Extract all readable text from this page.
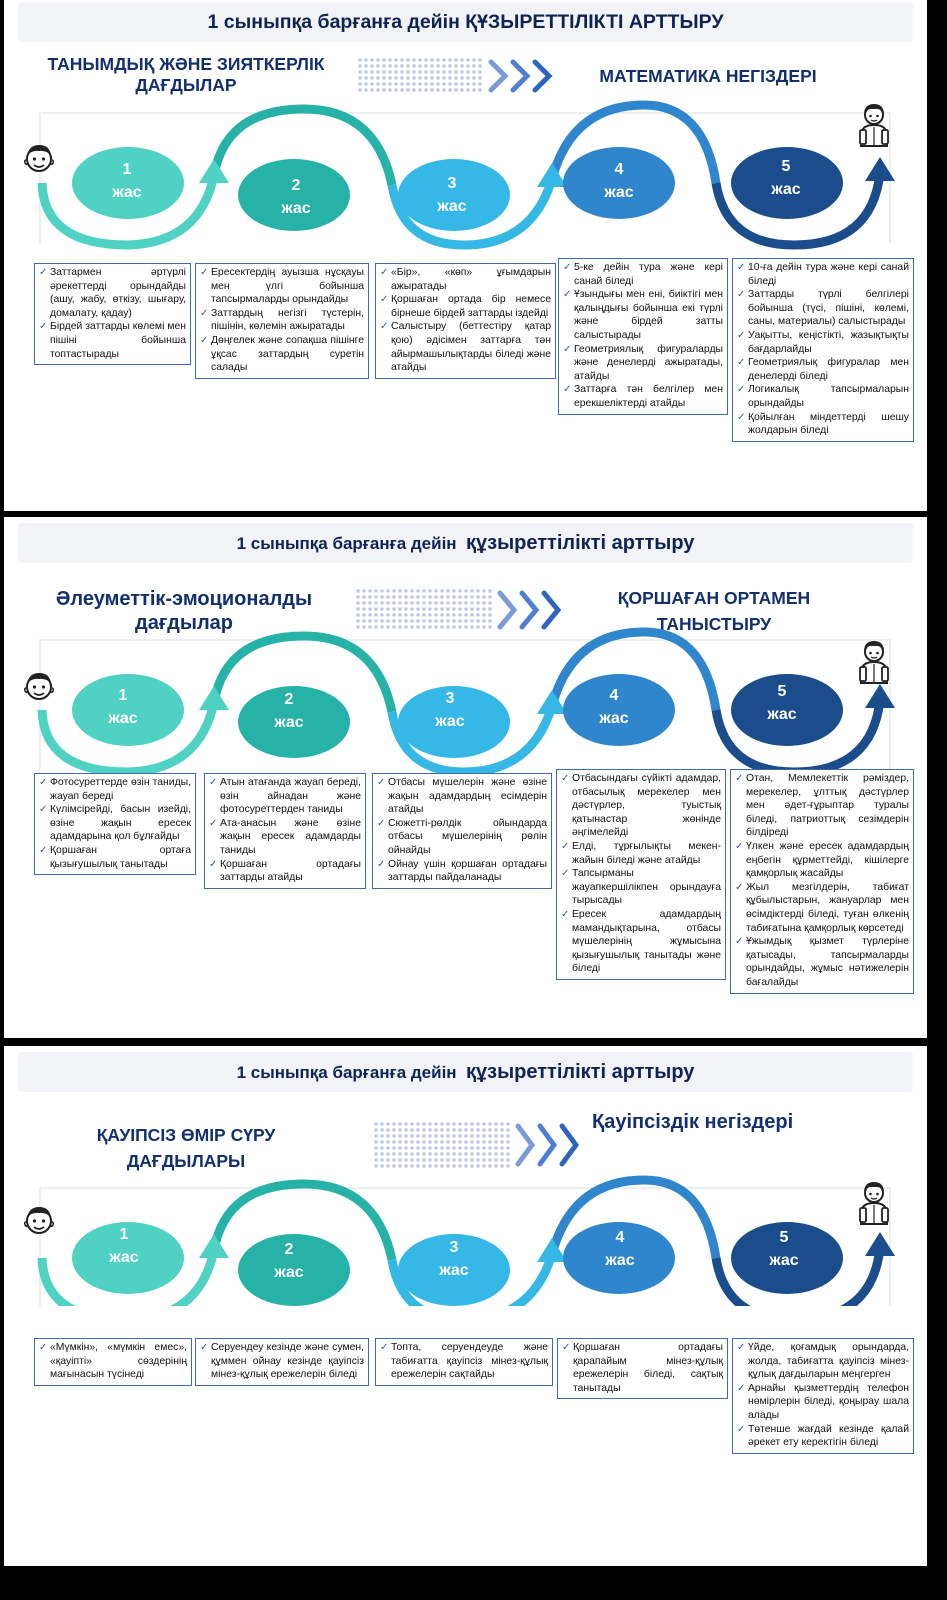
1 сыныпқа барғанға дейін ҚҰЗЫРЕТТІЛІКТІ АРТТЫРУ
ТАНЫМДЫҚ ЖӘНЕ ЗИЯТКЕРЛІК ДАҒДЫЛАР	МАТЕМАТИКА НЕГІЗДЕРІ
1
жас	2
жас
3
жас
4
жас
5
жас
✓ Заттармен әртүрлі әрекеттерді орындайды (ашу, жабу, өткізу, шығару, домалату, қадау)
✓ Бірдей заттарды көлемі мен пішіні бойынша топтастырады
✓ Ересектердің ауызша нұсқауы мен үлгі бойынша тапсырмаларды орындайды
✓ Заттардың негізгі түстерін, пішінін, көлемін ажыратады
✓ Дөңгелек және сопақша пішінге ұқсас заттардың суретін салады
✓ «Бір», «көп» ұғымдарын ажыратады
✓ Қоршаған ортада бір немесе бірнеше бірдей заттарды іздейді
✓ Салыстыру (беттестіру қатар қою) әдісімен заттарға тән айырмашылықтарды біледі және атайды
✓ 5-ке дейін тура және кері санай біледі
✓ Ұзындығы мен ені, биіктігі мен қалыңдығы бойынша екі түрлі және бірдей затты салыстырады
✓ Геометриялық фигураларды және денелерді ажыратады, атайды
✓ Заттарға тән белгілер мен ерекшеліктерді атайды
✓ 10-ға дейін тура және кері санай біледі
✓ Заттарды түрлі белгілері бойынша (түсі, пішіні, көлемі, саны, материалы) салыстырады
✓ Уақытты, кеңістікті, жазықтықты бағдарлайды
✓ Геометриялық фигуралар мен денелерді біледі
✓ Логикалық тапсырмаларын орындайды
✓ Қойылған міндеттерді шешу жолдарын біледі
1 сыныпқа барғанға дейін құзыреттілікті арттыру
Әлеуметтік-эмоционалды дағдылар
ҚОРШАҒАН ОРТАМЕН ТАНЫСТЫРУ
1
жас
2
жас
3
жас
4
жас
5
жас
✓ Фотосуреттерде өзін таниды, жауап береді
✓ Күлімсірейді, басын изейді, өзіне жақын ересек адамдарына қол бұлғайды
✓ Қоршаған ортаға қызығушылық танытады
✓ Атын атағанда жауап береді, өзін айнадан және фотосуреттерден таниды
✓ Ата-анасын және өзіне жақын ересек адамдарды таниды
✓ Қоршаған ортадағы заттарды атайды
✓ Отбасы мүшелерін және өзіне жақын адамдардың есімдерін атайды
✓ Сюжетті-рөлдік ойындарда отбасы мүшелерінің рөлін ойнайды
✓ Ойнау үшін қоршаған ортадағы заттарды пайдаланады
✓ Отбасындағы сүйікті адамдар, отбасылық мерекелер мен дәстүрлер, туыстық қатынастар жөнінде әңгімелейді
✓ Елді, тұрғылықты мекен-жайын біледі және атайды
✓ Тапсырманы жауапкершілікпен орындауға тырысады
✓ Ересек адамдардың мамандықтарына, отбасы мүшелерінің жұмысына қызығушылық танытады және біледі
✓ Отан, Мемлекеттік рәміздер, мерекелер, ұлттық дәстүрлер мен әдет-ғұрыптар туралы біледі, патриоттық сезімдерін білдіреді
✓ Үлкен және ересек адамдардың еңбегін құрметтейді, кішілерге қамқорлық жасайды
✓ Жыл мезгілдерін, табиғат құбылыстарын, жануарлар мен өсімдіктерді біледі, туған өлкенің табиғатына қамқорлық көрсетеді
✓ Ұжымдық қызмет түрлеріне қатысады, тапсырмаларды орындайды, жұмыс нәтижелерін бағалайды
1 сыныпқа барғанға дейін құзыреттілікті арттыру
ҚАУІПСІЗ ӨМІР СҮРУ ДАҒДЫЛАРЫ
Қауіпсіздік негіздері
1
жас	2
жас
3
жас
4
жас
5
жас
✓ «Мүмкін», «мүмкін емес», «қауіпті» сөздерінің мағынасын түсінеді
✓ Серуендеу кезінде және сумен, құммен ойнау кезінде қауіпсіз мінез-құлық ережелерін біледі
✓ Топта, серуендеуде және табиғатта қауіпсіз мінез-құлық ережелерін сақтайды
✓ Қоршаған ортадағы қарапайым мінез-құлық ережелерін біледі, сақтық танытады
✓ Үйде, қоғамдық орындарда, жолда, табиғатта қауіпсіз мінез-құлық дағдыларын меңгерген
✓ Арнайы қызметтердің телефон нөмірлерін біледі, қоңырау шала алады
✓ Төтенше жағдай кезінде қалай әрекет ету керектігін біледі
